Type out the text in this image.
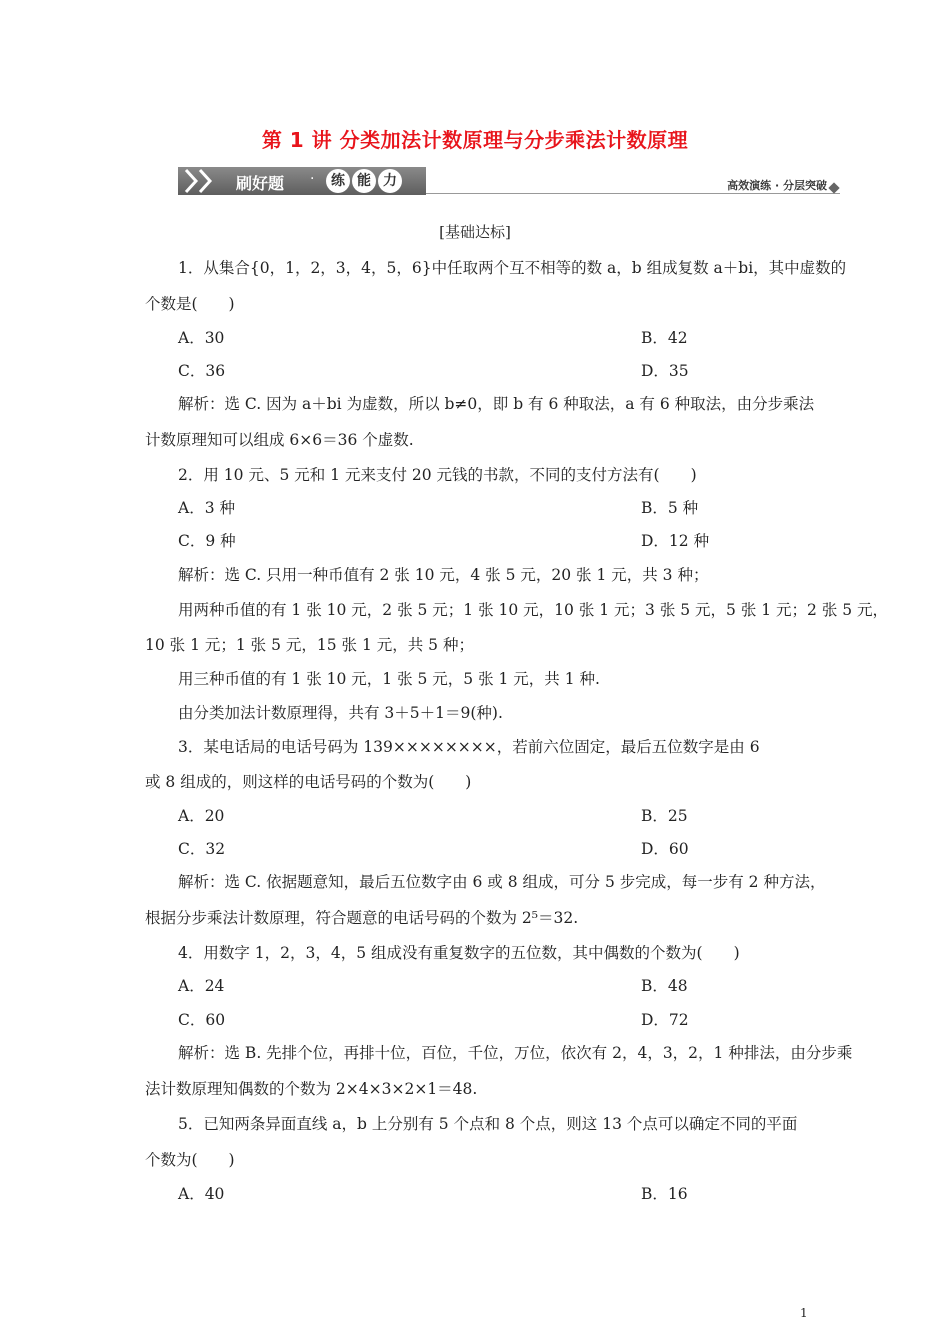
第 1 讲 分类加法计数原理与分步乘法计数原理
刷好题 ·	练 能 力	高效演练 · 分层突破
[基础达标]
1．从集合{0，1，2，3，4，5，6}中任取两个互不相等的数 a，b 组成复数 a＋bi，其中虚数的
个数是(　　)
A．30	B．42
C．36	D．35
解析：选 C. 因为 a＋bi 为虚数，所以 b≠0，即 b 有 6 种取法，a 有 6 种取法，由分步乘法
计数原理知可以组成 6×6＝36 个虚数.
2．用 10 元、5 元和 1 元来支付 20 元钱的书款，不同的支付方法有(　　)
A．3 种	B．5 种
C．9 种	D．12 种
解析：选 C. 只用一种币值有 2 张 10 元，4 张 5 元，20 张 1 元，共 3 种；
用两种币值的有 1 张 10 元，2 张 5 元；1 张 10 元，10 张 1 元；3 张 5 元，5 张 1 元；2 张 5 元，
10 张 1 元；1 张 5 元，15 张 1 元，共 5 种；
用三种币值的有 1 张 10 元，1 张 5 元，5 张 1 元，共 1 种.
由分类加法计数原理得，共有 3＋5＋1＝9(种).
3．某电话局的电话号码为 139××××××××，若前六位固定，最后五位数字是由 6
或 8 组成的，则这样的电话号码的个数为(　　)
A．20	B．25
C．32	D．60
解析：选 C. 依据题意知，最后五位数字由 6 或 8 组成，可分 5 步完成，每一步有 2 种方法，
根据分步乘法计数原理，符合题意的电话号码的个数为 2⁵＝32.
4．用数字 1，2，3，4，5 组成没有重复数字的五位数，其中偶数的个数为(　　)
A．24	B．48
C．60	D．72
解析：选 B. 先排个位，再排十位，百位，千位，万位，依次有 2，4，3，2，1 种排法，由分步乘
法计数原理知偶数的个数为 2×4×3×2×1＝48.
5．已知两条异面直线 a，b 上分别有 5 个点和 8 个点，则这 13 个点可以确定不同的平面
个数为(　　)
A．40	B．16
1
